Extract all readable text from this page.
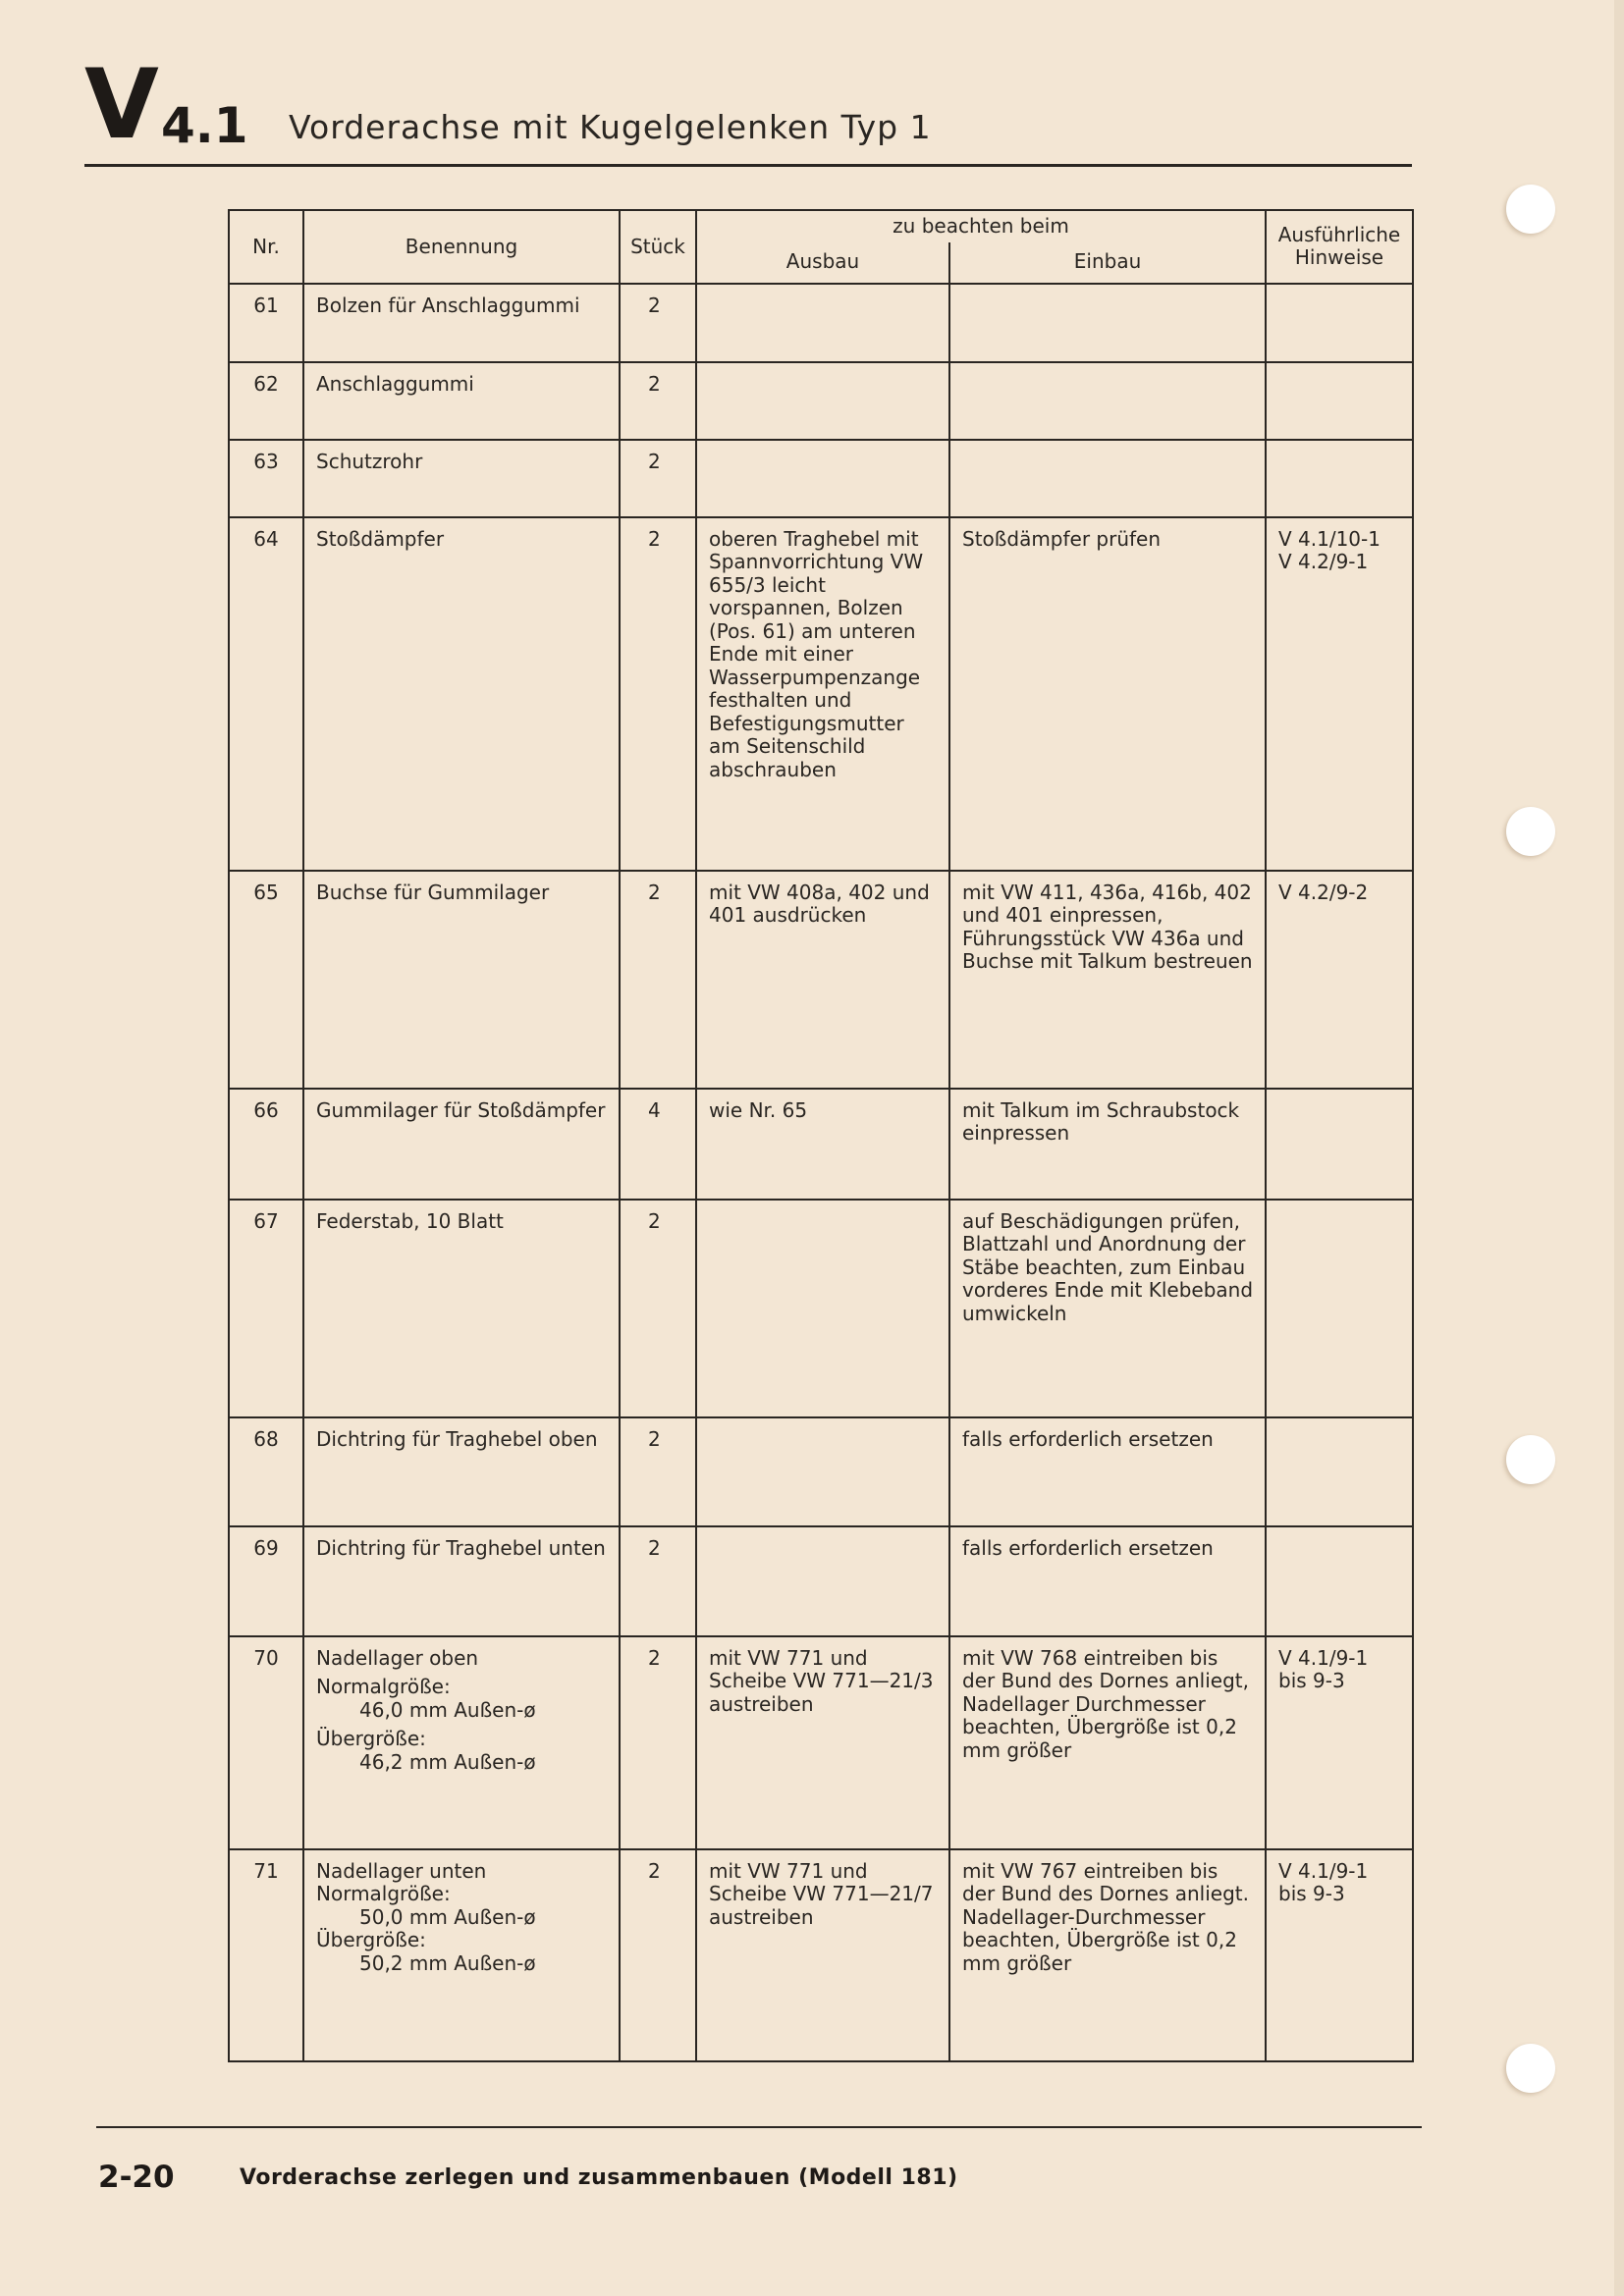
V 4.1 Vorderachse mit Kugelgelenken Typ 1
Nr.	Benennung	Stück	zu beachten beim		Ausführliche Hinweise
			Ausbau	Einbau	
61	Bolzen für Anschlaggummi	2			
62	Anschlaggummi	2			
63	Schutzrohr	2			
64	Stoßdämpfer	2	oberen Traghebel mit Spannvorrichtung VW 655/3 leicht vorspannen, Bolzen (Pos. 61) am unteren Ende mit einer Wasserpumpenzange festhalten und Befestigungsmutter am Seitenschild abschrauben	Stoßdämpfer prüfen	V 4.1/10-1
V 4.2/9-1
65	Buchse für Gummilager	2	mit VW 408a, 402 und 401 ausdrücken	mit VW 411, 436a, 416b, 402 und 401 einpressen, Führungsstück VW 436a und Buchse mit Talkum bestreuen	V 4.2/9-2
66	Gummilager für Stoßdämpfer	4	wie Nr. 65	mit Talkum im Schraubstock einpressen	
67	Federstab, 10 Blatt	2		auf Beschädigungen prüfen, Blattzahl und Anordnung der Stäbe beachten, zum Einbau vorderes Ende mit Klebeband umwickeln	
68	Dichtring für Traghebel oben	2		falls erforderlich ersetzen	
69	Dichtring für Traghebel unten	2		falls erforderlich ersetzen	
70	Nadellager oben
Normalgröße:
46,0 mm Außen-ø
Übergröße:
46,2 mm Außen-ø	2	mit VW 771 und Scheibe VW 771—21/3 austreiben	mit VW 768 eintreiben bis der Bund des Dornes anliegt, Nadellager Durchmesser beachten, Übergröße ist 0,2 mm größer	V 4.1/9-1
bis 9-3
71	Nadellager unten
Normalgröße:
50,0 mm Außen-ø
Übergröße:
50,2 mm Außen-ø	2	mit VW 771 und Scheibe VW 771—21/7 austreiben	mit VW 767 eintreiben bis der Bund des Dornes anliegt. Nadellager-Durchmesser beachten, Übergröße ist 0,2 mm größer	V 4.1/9-1
bis 9-3
2-20	Vorderachse zerlegen und zusammenbauen (Modell 181)
